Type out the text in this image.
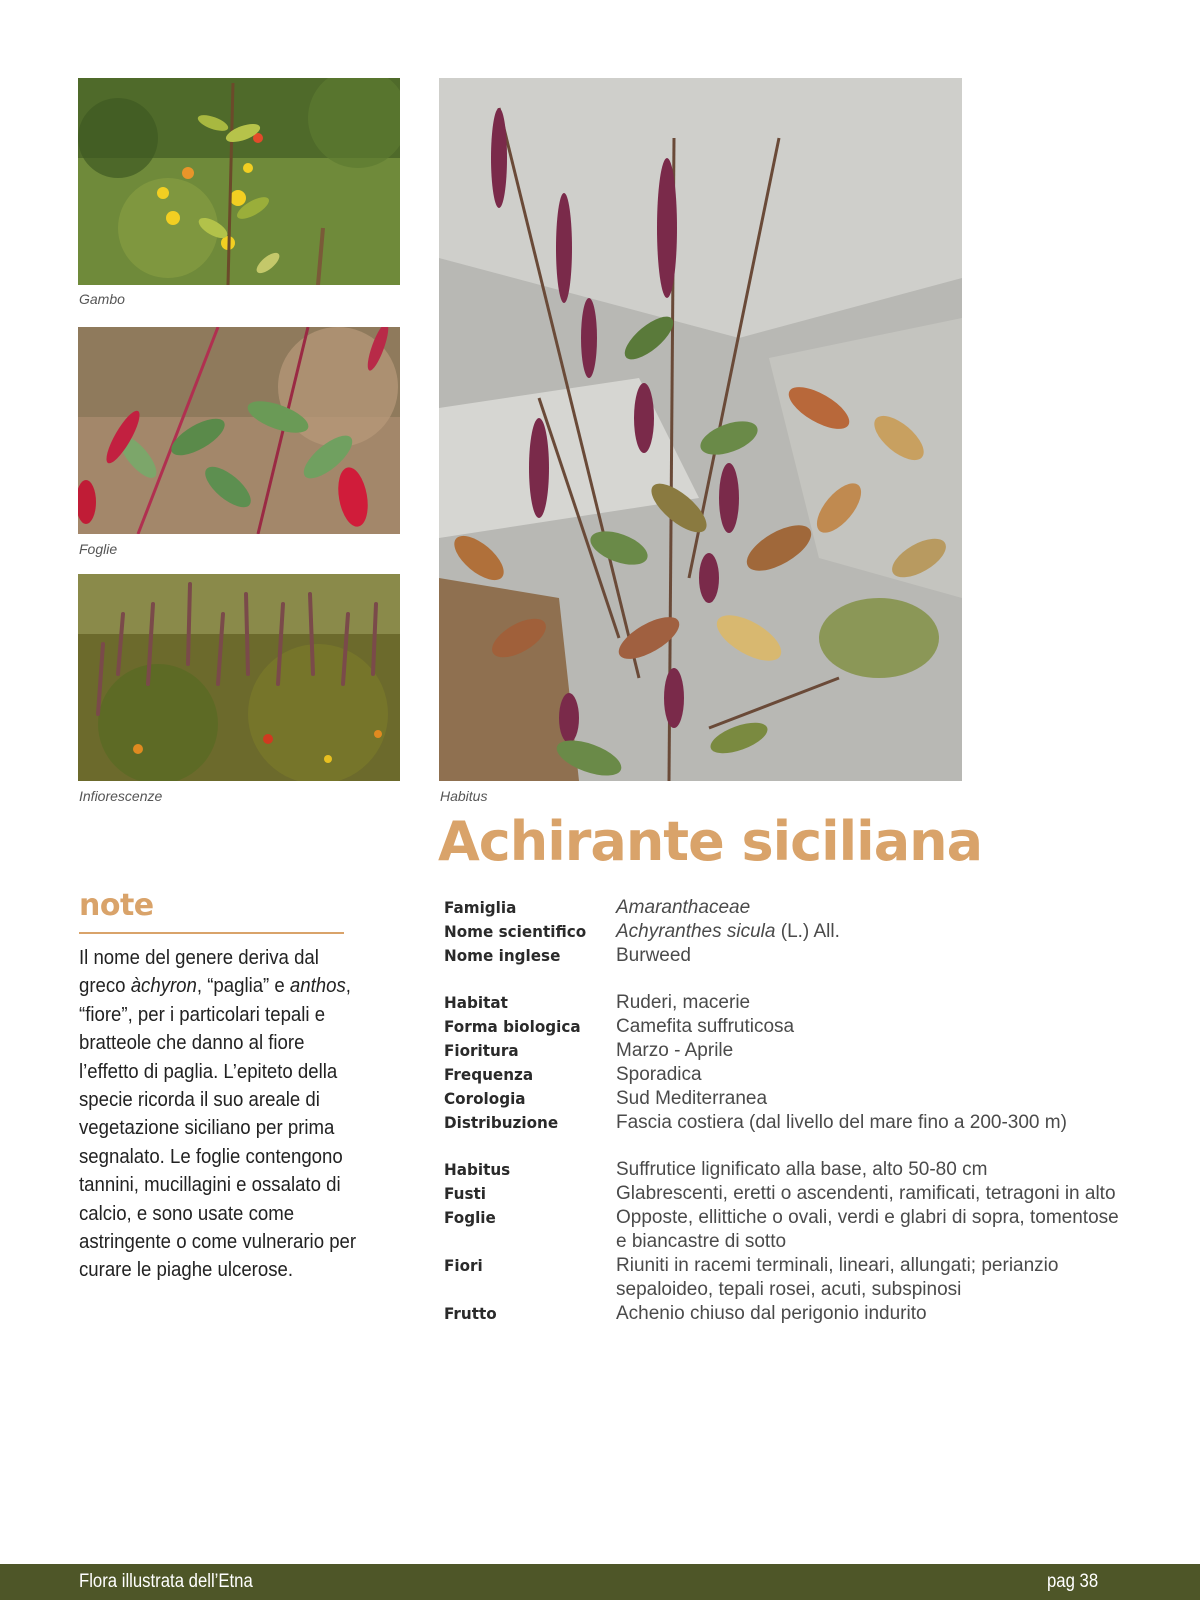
Gambo
Foglie
Infiorescenze	Habitus
Achirante siciliana
note
Il nome del genere deriva dal greco àchyron, “paglia” e anthos, “fiore”, per i particolari tepali e bratteole che danno al fiore l’effetto di paglia. L’epiteto della specie ricorda il suo areale di vegetazione siciliano per prima segnalato. Le foglie contengono tannini, mucillagini e ossalato di calcio, e sono usate come astringente o come vulnerario per curare le piaghe ulcerose.
Famiglia	Amaranthaceae
Nome scientifico	Achyranthes sicula (L.) All.
Nome inglese	Burweed
Habitat	Ruderi, macerie
Forma biologica	Camefita suffruticosa
Fioritura	Marzo - Aprile
Frequenza	Sporadica
Corologia	Sud Mediterranea
Distribuzione	Fascia costiera (dal livello del mare fino a 200-300 m)
Habitus	Suffrutice lignificato alla base, alto 50-80 cm
Fusti	Glabrescenti, eretti o ascendenti, ramificati, tetragoni in alto
Foglie	Opposte, ellittiche o ovali, verdi e glabri di sopra, tomentose e biancastre di sotto
Fiori	Riuniti in racemi terminali, lineari, allungati; perianzio sepaloideo, tepali rosei, acuti, subspinosi
Frutto	Achenio chiuso dal perigonio indurito
Flora illustrata dell’Etna	pag 38
